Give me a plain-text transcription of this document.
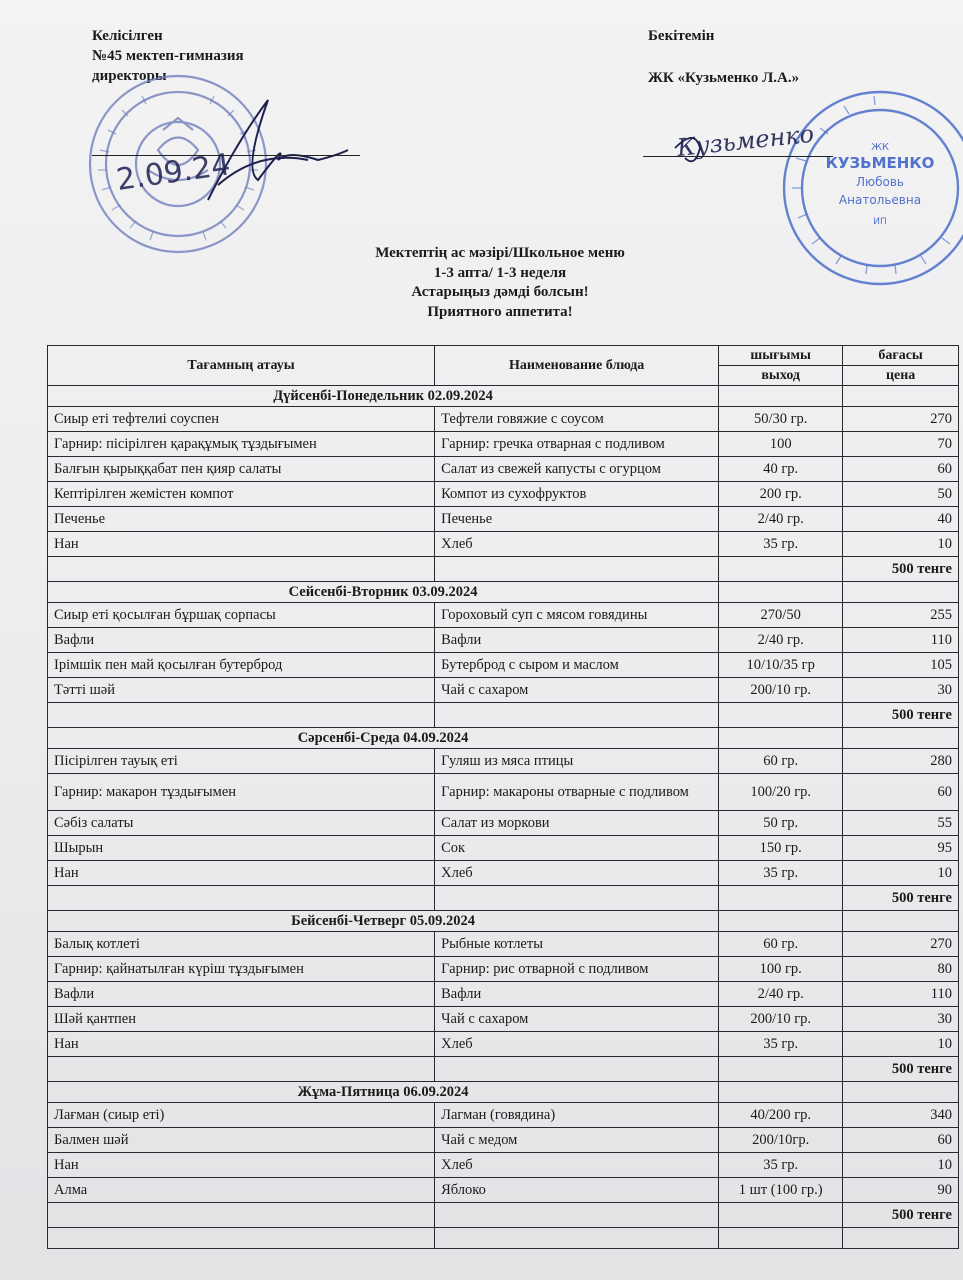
Келісілген
№45 мектеп-гимназия
директоры
Бекітемін
ЖК «Кузьменко Л.А.»
2.09.24	ЖК
КУЗЬМЕНКО
Любовь
Анатольевна
ИП
Кузьменко
Мектептің ас мәзірі/Школьное меню
1-3 апта/ 1-3 неделя
Астарыңыз дәмді болсын!
Приятного аппетита!
Тағамның атауы	Наименование блюда	шығымы	бағасы
		выход	цена
Дүйсенбі-Понедельник 02.09.2024			
Сиыр еті тефтелиі соуспен	Тефтели говяжие с соусом	50/30 гр.	270
Гарнир: пісірілген қарақұмық тұздығымен	Гарнир: гречка отварная с подливом	100	70
Балғын қырыққабат пен қияр салаты	Салат из свежей капусты с огурцом	40 гр.	60
Кептірілген жемістен компот	Компот из сухофруктов	200 гр.	50
Печенье	Печенье	2/40 гр.	40
Нан	Хлеб	35 гр.	10
			500 тенге
Сейсенбі-Вторник 03.09.2024			
Сиыр еті қосылған бұршақ сорпасы	Гороховый суп с мясом говядины	270/50	255
Вафли	Вафли	2/40 гр.	110
Ірімшік пен май қосылған бутерброд	Бутерброд с сыром и маслом	10/10/35 гр	105
Тәтті шәй	Чай с сахаром	200/10 гр.	30
			500 тенге
Сәрсенбі-Среда 04.09.2024			
Пісірілген тауық еті	Гуляш из мяса птицы	60 гр.	280
Гарнир: макарон тұздығымен	Гарнир: макароны отварные с подливом	100/20 гр.	60
Сәбіз салаты	Салат из моркови	50 гр.	55
Шырын	Сок	150 гр.	95
Нан	Хлеб	35 гр.	10
			500 тенге
Бейсенбі-Четверг 05.09.2024			
Балық котлеті	Рыбные котлеты	60 гр.	270
Гарнир: қайнатылған күріш тұздығымен	Гарнир: рис отварной с подливом	100 гр.	80
Вафли	Вафли	2/40 гр.	110
Шәй қантпен	Чай с сахаром	200/10 гр.	30
Нан	Хлеб	35 гр.	10
			500 тенге
Жұма-Пятница 06.09.2024			
Лағман (сиыр еті)	Лагман (говядина)	40/200 гр.	340
Балмен шәй	Чай с медом	200/10гр.	60
Нан	Хлеб	35 гр.	10
Алма	Яблоко	1 шт (100 гр.)	90
			500 тенге
